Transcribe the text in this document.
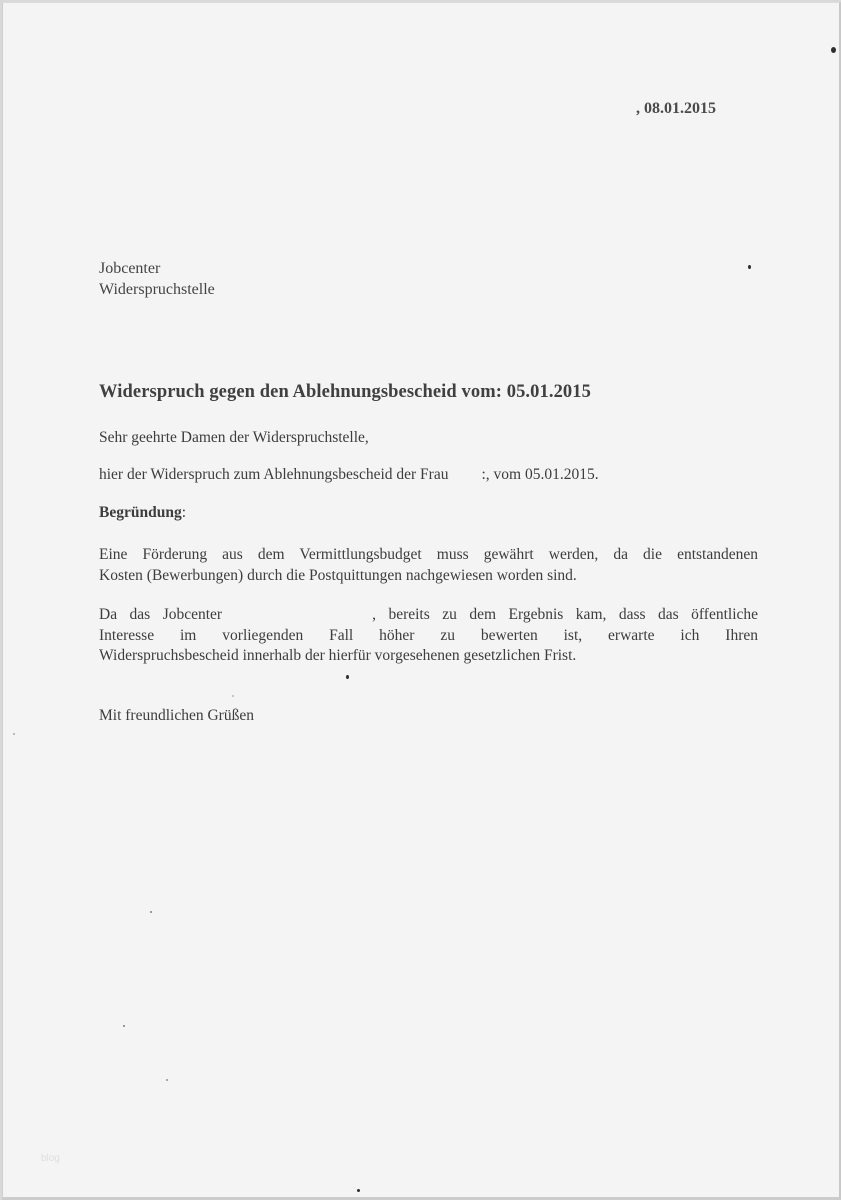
, 08.01.2015
Jobcenter
Widerspruchstelle
Widerspruch gegen den Ablehnungsbescheid vom: 05.01.2015
Sehr geehrte Damen der Widerspruchstelle,
hier der Widerspruch zum Ablehnungsbescheid der Frau :, vom 05.01.2015.
Begründung:
Eine Förderung aus dem Vermittlungsbudget muss gewährt werden, da die entstandenen
Kosten (Bewerbungen) durch die Postquittungen nachgewiesen worden sind.
Da das Jobcenter	, bereits zu dem Ergebnis kam, dass das öffentliche
Interesse im vorliegenden Fall höher zu bewerten ist, erwarte ich Ihren
Widerspruchsbescheid innerhalb der hierfür vorgesehenen gesetzlichen Frist.
Mit freundlichen Grüßen
blog
